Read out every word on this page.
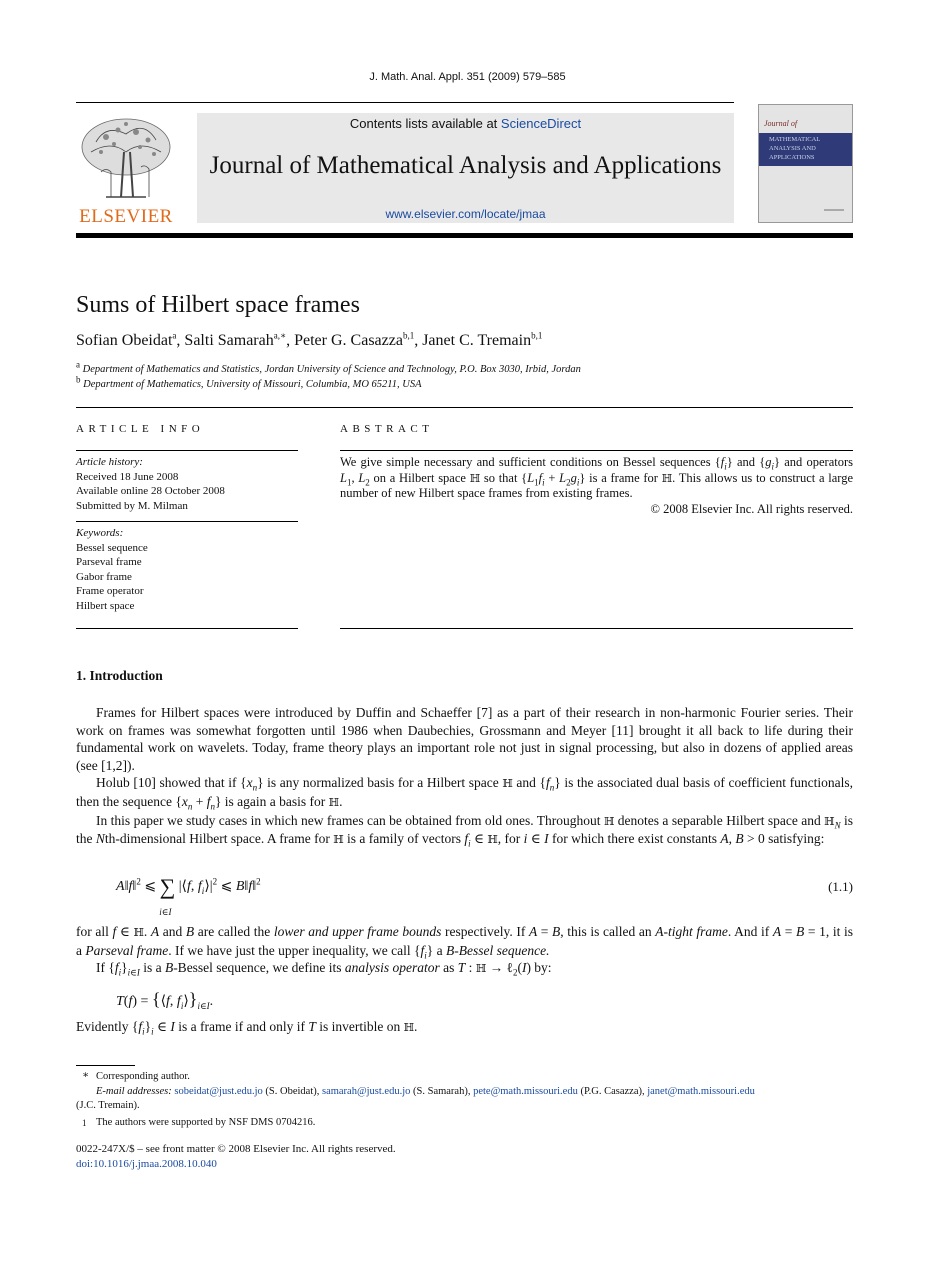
J. Math. Anal. Appl. 351 (2009) 579–585
ELSEVIER
Contents lists available at ScienceDirect
Journal of Mathematical Analysis and Applications
www.elsevier.com/locate/jmaa
Journal of
MATHEMATICAL
ANALYSIS AND
APPLICATIONS
Sums of Hilbert space frames
Sofian Obeidat$^a$, Salti Samarah$^{a,∗}$, Peter G. Casazza$^{b,1}$, Janet C. Tremain$^{b,1}$
$^a$ Department of Mathematics and Statistics, Jordan University of Science and Technology, P.O. Box 3030, Irbid, Jordan
$^b$ Department of Mathematics, University of Missouri, Columbia, MO 65211, USA
ARTICLE INFO
Article history:
Received 18 June 2008
Available online 28 October 2008
Submitted by M. Milman
Keywords:
Bessel sequence
Parseval frame
Gabor frame
Frame operator
Hilbert space
ABSTRACT
We give simple necessary and sufficient conditions on Bessel sequences $\{f_i\}$ and $\{g_i\}$ and operators $L_1$, $L_2$ on a Hilbert space ℍ so that $\{L_1f_i + L_2g_i\}$ is a frame for ℍ. This allows us to construct a large number of new Hilbert space frames from existing frames.
© 2008 Elsevier Inc. All rights reserved.
1. Introduction

Frames for Hilbert spaces were introduced by Duffin and Schaeffer [7] as a part of their research in non-harmonic Fourier series. Their work on frames was somewhat forgotten until 1986 when Daubechies, Grossmann and Meyer [11] brought it all back to life during their fundamental work on wavelets. Today, frame theory plays an important role not just in signal processing, but also in dozens of applied areas (see [1,2]).

Holub [10] showed that if $\{x_n\}$ is any normalized basis for a Hilbert space ℍ and $\{f_n\}$ is the associated dual basis of coefficient functionals, then the sequence $\{x_n + f_n\}$ is again a basis for ℍ.

In this paper we study cases in which new frames can be obtained from old ones. Throughout ℍ denotes a separable Hilbert space and ℍ$_N$ is the Nth-dimensional Hilbert space. A frame for ℍ is a family of vectors $f_i$ ∈ ℍ, for i ∈ I for which there exist constants A, B > 0 satisfying:

A‖f‖$^2$ ⩽ ∑
i∈I
|⟨f, $f_i⟩|^2$ ⩽ B‖f‖$^2$	(1.1)

for all f ∈ ℍ. A and B are called the lower and upper frame bounds respectively. If A = B, this is called an A-tight frame. And if A = B = 1, it is a Parseval frame. If we have just the upper inequality, we call $\{f_i\}$ a B-Bessel sequence.

If $\{f_i\}_{i\in I}$ is a B-Bessel sequence, we define its analysis operator as T : ℍ → ℓ$_2$(I) by:

T(f) = {⟨f, $f_i⟩\}_{i\in I}$.
Evidently $\{f_i\}_i$ ∈ I is a frame if and only if T is invertible on ℍ.
∗ Corresponding author.
E-mail addresses: sobeidat@just.edu.jo (S. Obeidat), samarah@just.edu.jo (S. Samarah), pete@math.missouri.edu (P.G. Casazza), janet@math.missouri.edu
(J.C. Tremain).
1 The authors were supported by NSF DMS 0704216.
0022-247X/$ – see front matter © 2008 Elsevier Inc. All rights reserved.
doi:10.1016/j.jmaa.2008.10.040
